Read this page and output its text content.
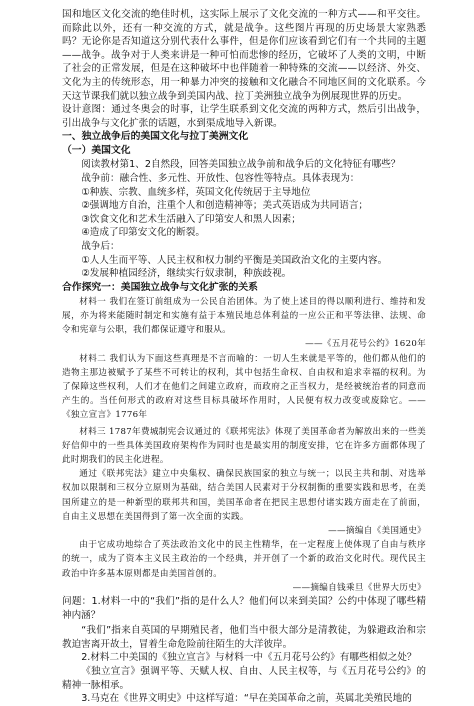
国和地区文化交流的绝佳时机，这实际上展示了文化交流的一种方式——和平交往。而除此以外，还有一种交流的方式，就是战争。这些图片再现的历史场景大家熟悉吗？无论你是否知道这分别代表什么事件，但是你们应该看到它们有一个共同的主题——战争。战争对于人类来讲是一种可怕而悲惨的经历，它破坏了人类的文明，中断了社会的正常发展，但是在这种破坏中也伴随着一种特殊的交流——以经济、外交、文化为主的传统形态，用一种暴力冲突的接触和文化融合不同地区间的文化联系。今天这节课我们就以独立战争到美国内战、拉丁美洲独立战争为例展现世界的历史。

设计意图：通过冬奥会的时事，让学生联系到文化交流的两种方式，然后引出战争，引出战争与文化扩张的话题，水到渠成地导入新课。

一、独立战争后的美国文化与拉丁美洲文化

（一）美国文化

阅读教材第1、2自然段，回答美国独立战争前和战争后的文化特征有哪些？

战争前：融合性、多元性、开放性、包容性等特点。具体表现为：

①种族、宗教、血统多样，英国文化传统居于主导地位

②强调地方自治，注重个人和创造精神等；美式英语成为共同语言；

③饮食文化和艺术生活融入了印第安人和黑人因素；

④造成了印第安文化的断裂。

战争后：

①人人生而平等、人民主权和权力制约平衡是美国政治文化的主要内容。

②发展种植园经济，继续实行奴隶制，种族歧视。

合作探究一：美国独立战争与文化扩张的关系

材料一 我们在签订前组成为一公民自治团体。为了使上述目的得以顺利进行、维持和发展，亦为将来能随时制定和实施有益于本殖民地总体利益的一应公正和平等法律、法规、命令和宪章与公职，我们都保证遵守和服从。

——《五月花号公约》1620年

材料二 我们认为下面这些真理是不言而喻的：一切人生来就是平等的，他们都从他们的造物主那边被赋予了某些不可转让的权利，其中包括生命权、自由权和追求幸福的权利。为了保障这些权利，人们才在他们之间建立政府，而政府之正当权力，是经被统治者的同意而产生的。当任何形式的政府对这些目标具破坏作用时，人民便有权力改变或废除它。——《独立宣言》1776年

材料三 1787年费城制宪会议通过的《联邦宪法》体现了美国革命者为解放出来的一些美好信仰中的一些具体美国政府架构作为同时也是最实用的制度安排，它在许多方面都体现了此时期我们的民主化进程。

通过《联邦宪法》建立中央集权、确保民族国家的独立与统一；以民主共和制、对选举权加以限制和三权分立原则为基础，结合美国人民素对于分权制衡的重要实践和思考，在美国所建立的是一种新型的联邦共和国，美国革命者在把民主思想付诸实践方面走在了前面，自由主义思想在美国得到了第一次全面的实践。

——摘编自《美国通史》

由于它成功地综合了英法政治文化中的民主性精华，在一定程度上使体现了自由与秩序的统一，成为了资本主义民主政治的一个经典，并开创了一个新的政治文化时代。现代民主政治中许多基本原则都是由美国首创的。

——摘编自钱乘旦《世界大历史》

问题：1.材料一中的“我们”指的是什么人？他们何以来到美国？公约中体现了哪些精神内涵？

“我们”指来自英国的早期殖民者，他们当中很大部分是清教徒，为躲避政治和宗教迫害离开故土，冒着生命危险前往陌生的大洋彼岸。

2.材料二中美国的《独立宣言》与材料一中《五月花号公约》有哪些相似之处？

《独立宣言》强调平等、天赋人权、自由、人民主权等，与《五月花号公约》的精神一脉相承。

3.马克在《世界文明史》中这样写道：“早在美国革命之前，英属北美殖民地的
